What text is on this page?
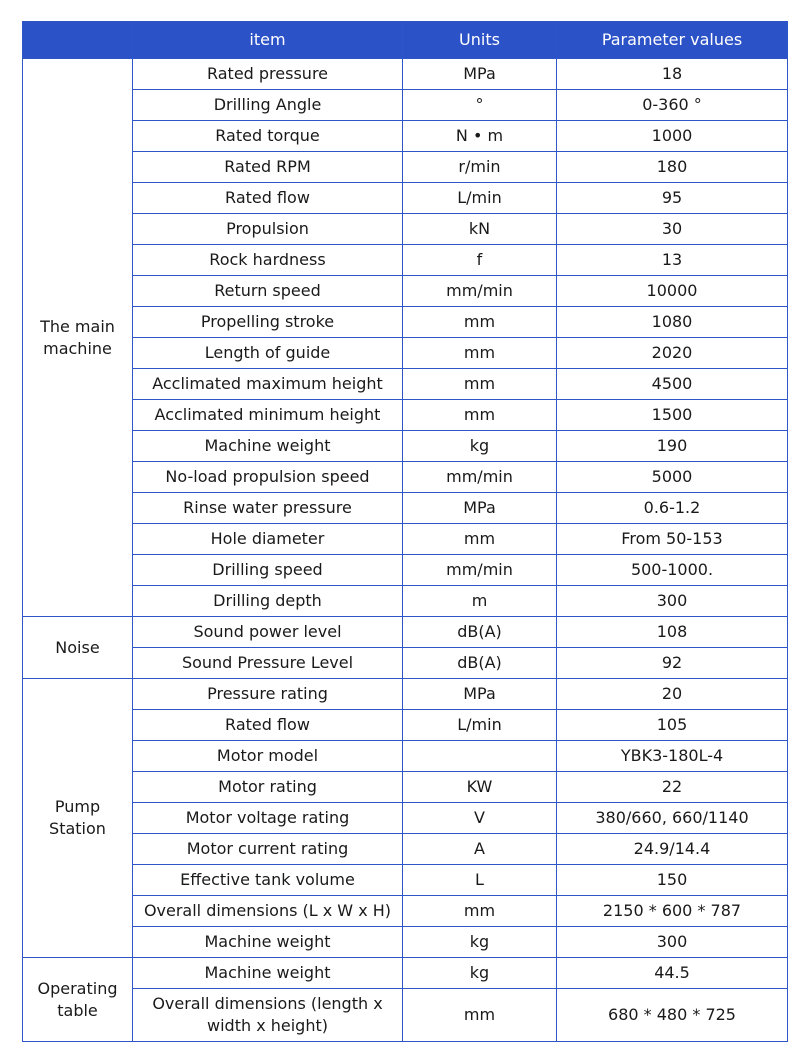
	item	Units	Parameter values
The main machine	Rated pressure	MPa	18
	Drilling Angle	°	0-360 °
	Rated torque	N • m	1000
	Rated RPM	r/min	180
	Rated flow	L/min	95
	Propulsion	kN	30
	Rock hardness	f	13
	Return speed	mm/min	10000
	Propelling stroke	mm	1080
	Length of guide	mm	2020
	Acclimated maximum height	mm	4500
	Acclimated minimum height	mm	1500
	Machine weight	kg	190
	No-load propulsion speed	mm/min	5000
	Rinse water pressure	MPa	0.6-1.2
	Hole diameter	mm	From 50-153
	Drilling speed	mm/min	500-1000.
	Drilling depth	m	300
Noise	Sound power level	dB(A)	108
	Sound Pressure Level	dB(A)	92
Pump Station	Pressure rating	MPa	20
	Rated flow	L/min	105
	Motor model		YBK3-180L-4
	Motor rating	KW	22
	Motor voltage rating	V	380/660, 660/1140
	Motor current rating	A	24.9/14.4
	Effective tank volume	L	150
	Overall dimensions (L x W x H)	mm	2150 * 600 * 787
	Machine weight	kg	300
Operating table	Machine weight	kg	44.5
	Overall dimensions (length x width x height)	mm	680 * 480 * 725
